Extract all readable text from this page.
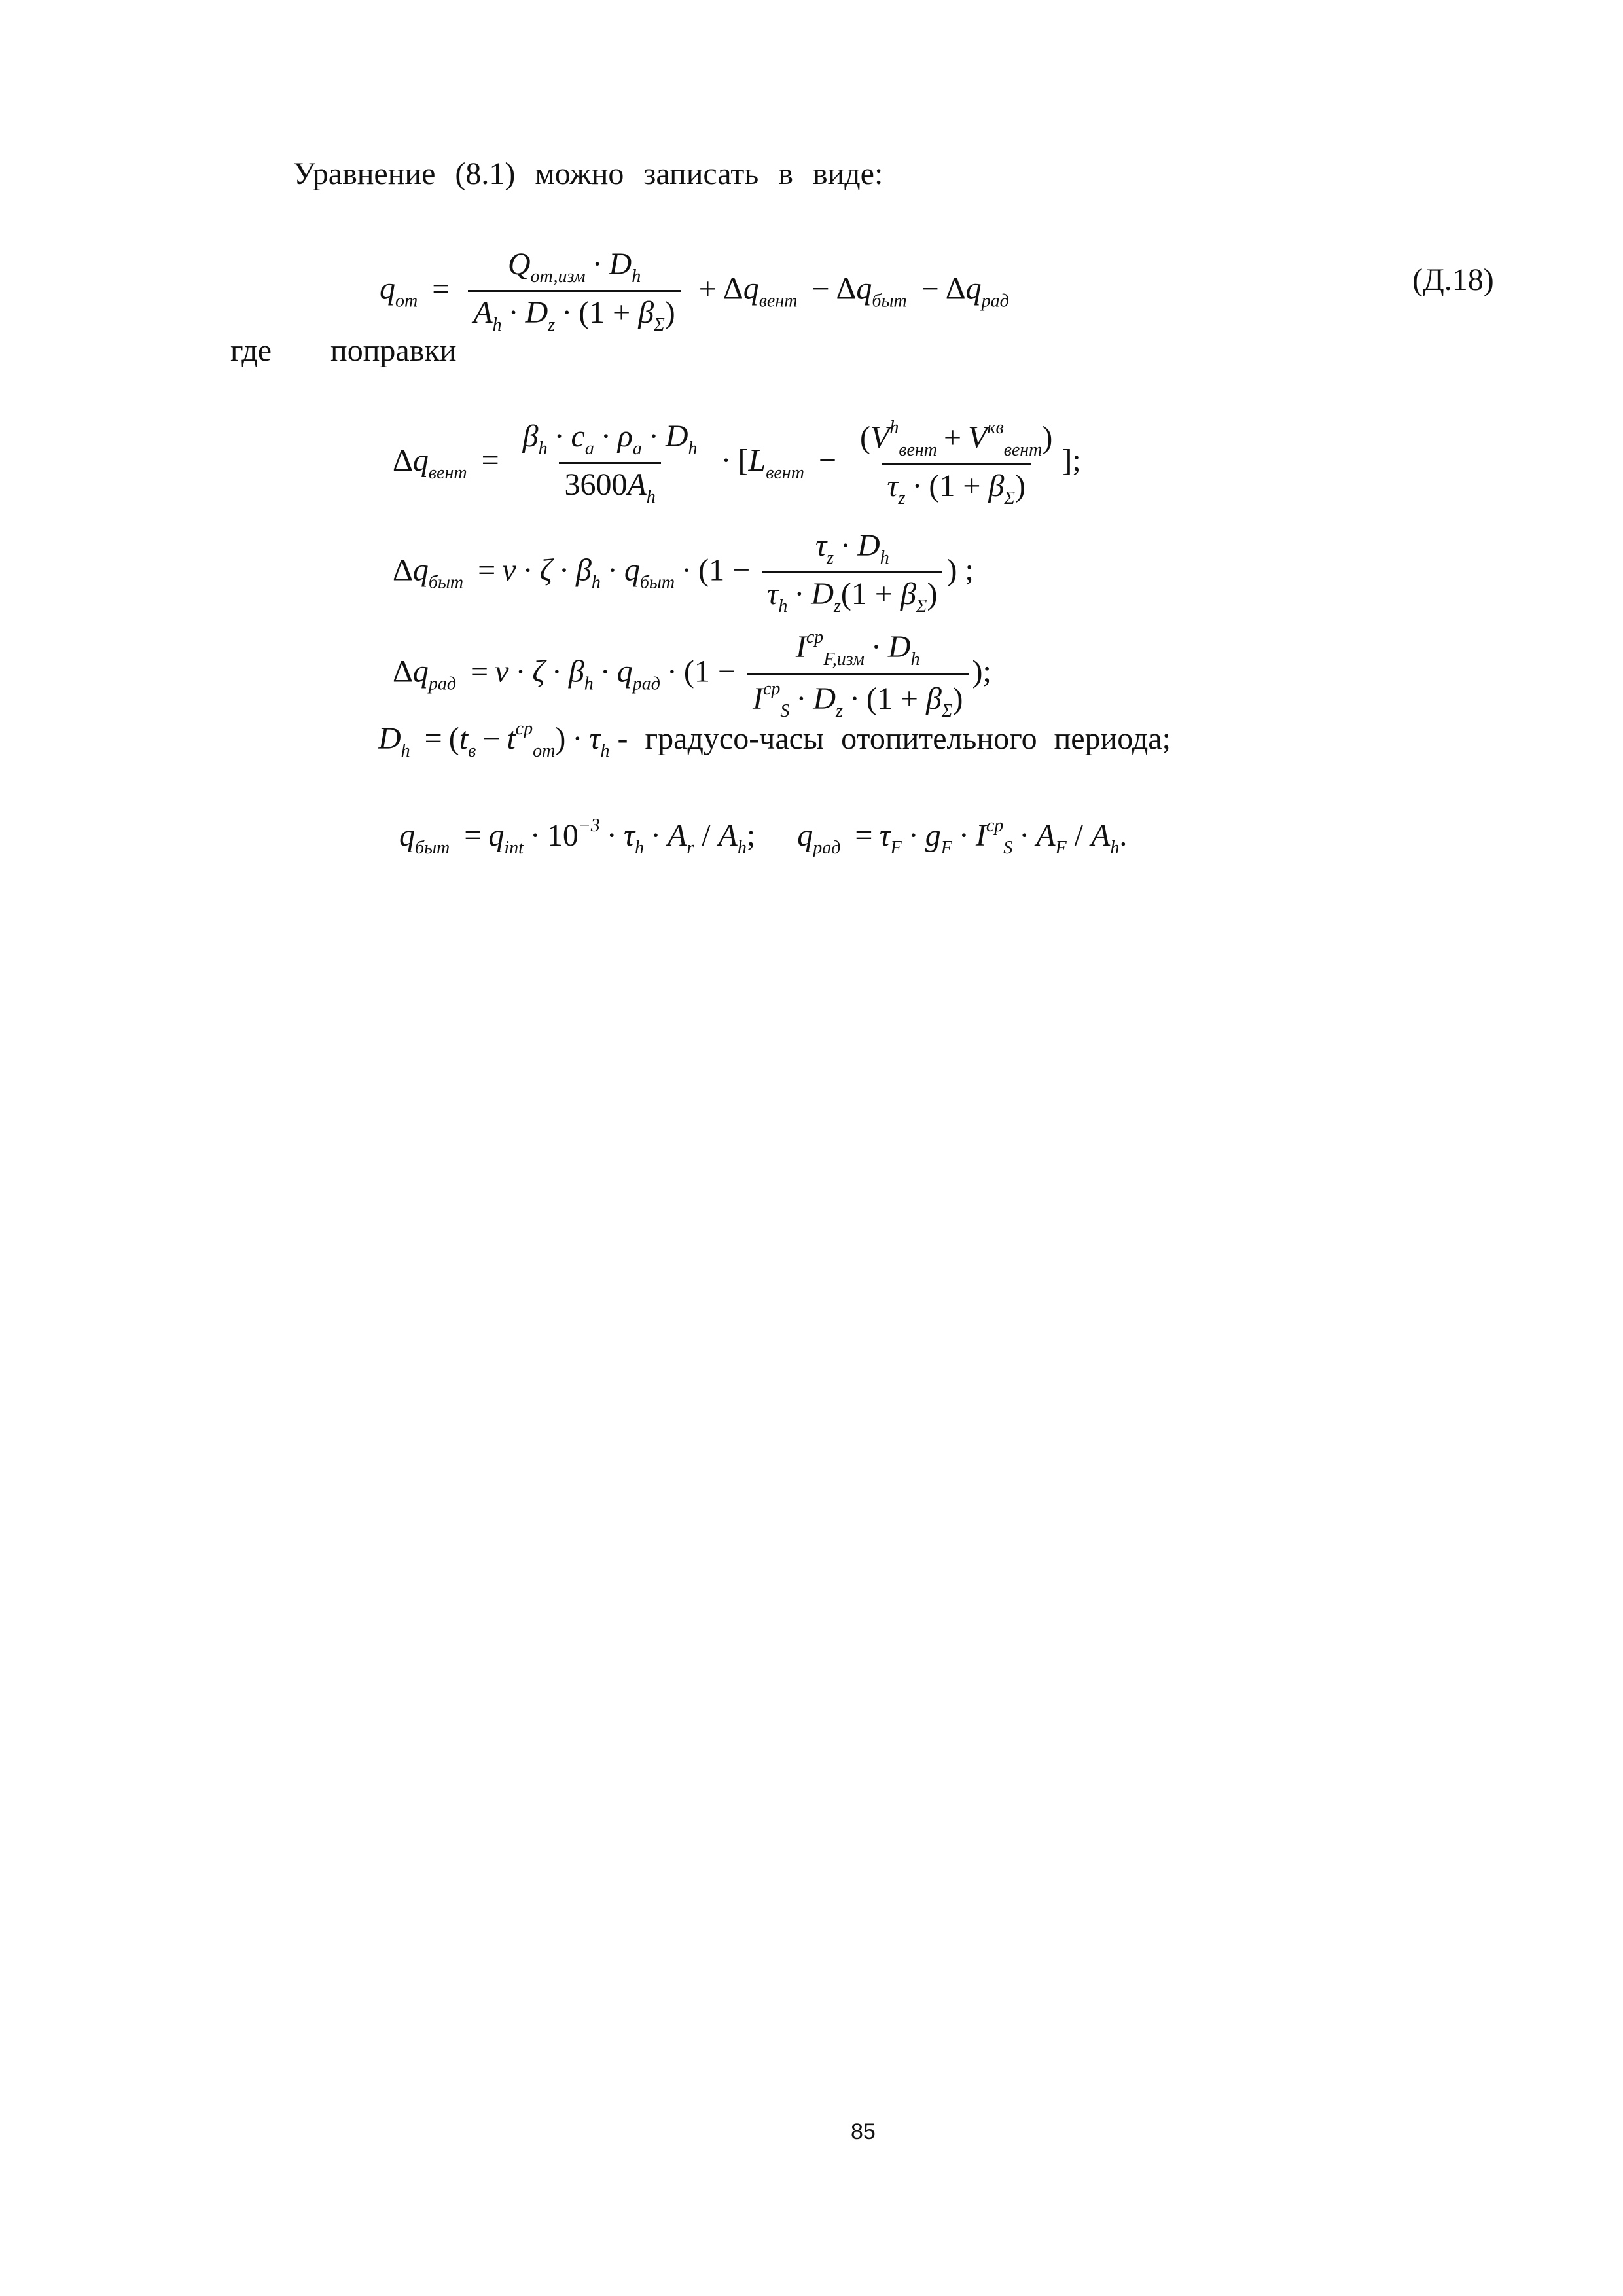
Уравнение (8.1) можно записать в виде:
$q_{от} = \frac{Q_{от,изм} \cdot D_h}{A_h \cdot D_z \cdot (1 + \beta_\Sigma)} + \Delta q_{вент} - \Delta q_{быт} - \Delta q_{рад}$
(Д.18)
где поправки
$\Delta q_{вент} = \frac{\beta_h \cdot c_a \cdot \rho_a \cdot D_h}{3600A_h} \cdot [L_{вент} - \frac{(V^h_{вент} + V^{кв}_{вент})}{\tau_z \cdot (1 + \beta_\Sigma)}$ ];
$\Delta q_{быт} = \nu \cdot \zeta \cdot \beta_h \cdot q_{быт} \cdot (1 - \frac{\tau_z \cdot D_h}{\tau_h \cdot D_z(1 + \beta_\Sigma)}$ ) ;
$\Delta q_{рад} = \nu \cdot \zeta \cdot \beta_h \cdot q_{рад} \cdot (1 - \frac{I^{ср}_{F,изм} \cdot D_h}{I^{ср}_S \cdot D_z \cdot (1 + \beta_\Sigma)}$ );
$D_h = (t_в - t^{ср}_{от}) \cdot \tau_h$ - градусо-часы отопительного периода;
$q_{быт} = q_{int} \cdot 10^{-3} \cdot \tau_h \cdot A_r / A_h$;  $q_{рад} = \tau_F \cdot g_F \cdot I^{ср}_S \cdot A_F / A_h$.
85
